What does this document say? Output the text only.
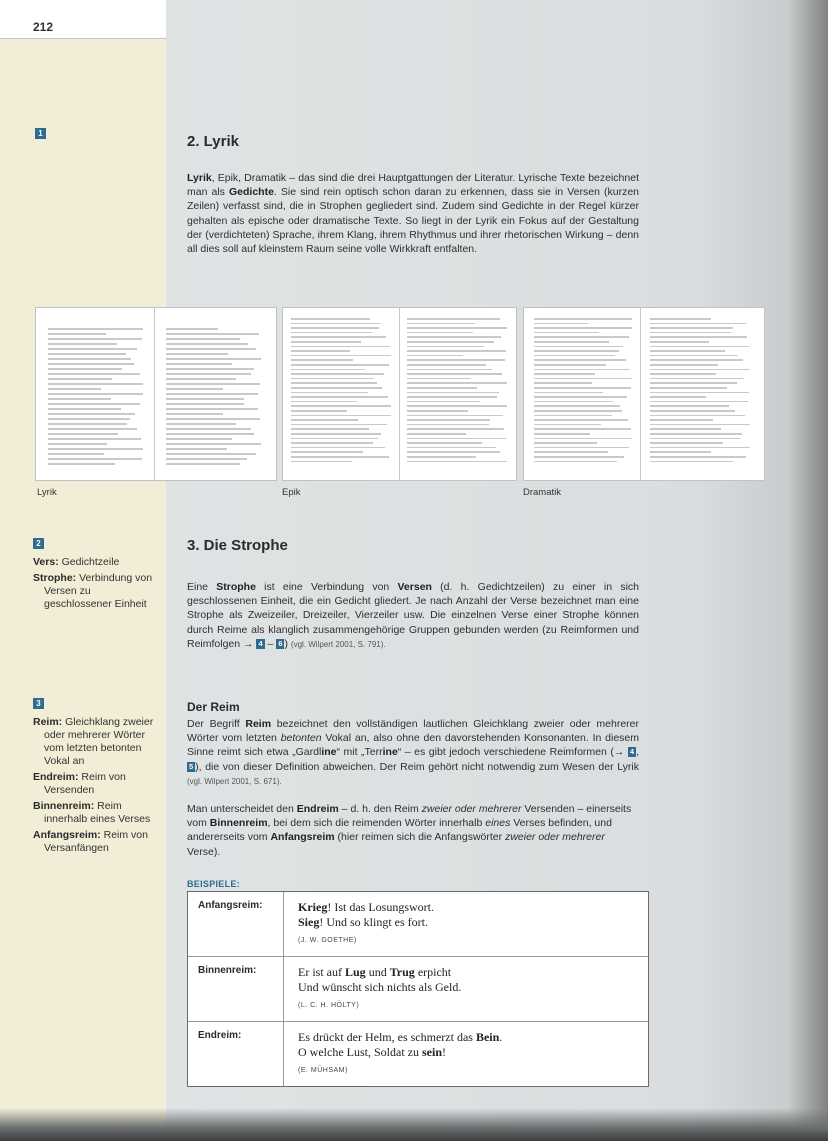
212
1	2. Lyrik

Lyrik, Epik, Dramatik – das sind die drei Hauptgattungen der Literatur. Lyrische Texte bezeichnet man als Gedichte. Sie sind rein optisch schon daran zu erkennen, dass sie in Versen (kurzen Zeilen) verfasst sind, die in Strophen gegliedert sind. Zudem sind Gedichte in der Regel kürzer gehalten als epische oder dramatische Texte. So liegt in der Lyrik ein Fokus auf der Gestaltung der (verdichteten) Sprache, ihrem Klang, ihrem Rhythmus und ihrer rhetorischen Wirkung – denn all dies soll auf kleinstem Raum seine volle Wirkkraft entfalten.

Lyrik	Epik	Dramatik
2
Vers: Gedichtzeile
Strophe: Verbindung von Versen zu geschlossener Einheit
3. Die Strophe

Eine Strophe ist eine Verbindung von Versen (d. h. Gedichtzeilen) zu einer in sich geschlossenen Einheit, die ein Gedicht gliedert. Je nach Anzahl der Verse bezeichnet man eine Strophe als Zweizeiler, Dreizeiler, Vierzeiler usw. Die einzelnen Verse einer Strophe können durch Reime als klanglich zusammengehörige Gruppen gebunden werden (zu Reimformen und Reimfolgen → 4 – 6 ) (vgl. Wilpert 2001, S. 791).

3
Reim: Gleichklang zweier oder mehrerer Wörter vom letzten betonten Vokal an
Endreim: Reim von Versenden
Binnenreim: Reim innerhalb eines Verses
Anfangsreim: Reim von Versanfängen
Der Reim

Der Begriff Reim bezeichnet den vollständigen lautlichen Gleichklang zweier oder mehrerer Wörter vom letzten betonten Vokal an, also ohne den davorstehenden Konsonanten. In diesem Sinne reimt sich etwa „Gardline“ mit „Terrine“ – es gibt jedoch verschiedene Reimformen (→ 4 , 5 ), die von dieser Definition abweichen. Der Reim gehört nicht notwendig zum Wesen der Lyrik (vgl. Wilpert 2001, S. 671).

Man unterscheidet den Endreim – d. h. den Reim zweier oder mehrerer Versenden – einerseits vom Binnenreim, bei dem sich die reimenden Wörter innerhalb eines Verses befinden, und andererseits vom Anfangsreim (hier reimen sich die Anfangswörter zweier oder mehrerer Verse).

BEISPIELE:
Anfangsreim:	Krieg! Ist das Losungswort.
Sieg! Und so klingt es fort.
(J. W. GOETHE)
Binnenreim:	Er ist auf Lug und Trug erpicht
Und wünscht sich nichts als Geld.
(L. C. H. HÖLTY)
Endreim:	Es drückt der Helm, es schmerzt das Bein.
O welche Lust, Soldat zu sein!
(E. MÜHSAM)
